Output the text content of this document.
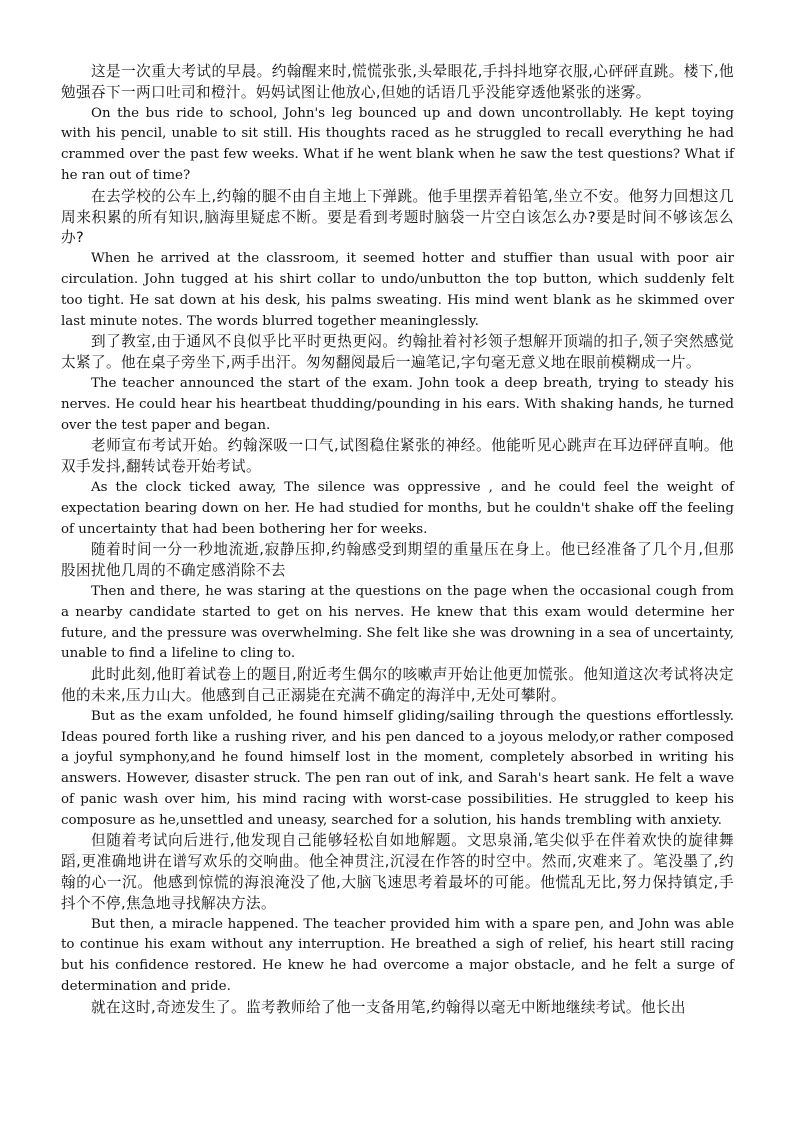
这是一次重大考试的早晨。约翰醒来时,慌慌张张,头晕眼花,手抖抖地穿衣服,心砰砰直跳。楼下,他勉强吞下一两口吐司和橙汁。妈妈试图让他放心,但她的话语几乎没能穿透他紧张的迷雾。

On the bus ride to school, John's leg bounced up and down uncontrollably. He kept toying with his pencil, unable to sit still. His thoughts raced as he struggled to recall everything he had crammed over the past few weeks. What if he went blank when he saw the test questions? What if he ran out of time?

在去学校的公车上,约翰的腿不由自主地上下弹跳。他手里摆弄着铅笔,坐立不安。他努力回想这几周来积累的所有知识,脑海里疑虑不断。要是看到考题时脑袋一片空白该怎么办?要是时间不够该怎么办?

When he arrived at the classroom, it seemed hotter and stuffier than usual with poor air circulation. John tugged at his shirt collar to undo/unbutton the top button, which suddenly felt too tight. He sat down at his desk, his palms sweating. His mind went blank as he skimmed over last minute notes. The words blurred together meaninglessly.

到了教室,由于通风不良似乎比平时更热更闷。约翰扯着衬衫领子想解开顶端的扣子,领子突然感觉太紧了。他在桌子旁坐下,两手出汗。匆匆翻阅最后一遍笔记,字句毫无意义地在眼前模糊成一片。

The teacher announced the start of the exam. John took a deep breath, trying to steady his nerves. He could hear his heartbeat thudding/pounding in his ears. With shaking hands, he turned over the test paper and began.

老师宣布考试开始。约翰深吸一口气,试图稳住紧张的神经。他能听见心跳声在耳边砰砰直响。他双手发抖,翻转试卷开始考试。

As the clock ticked away, The silence was oppressive , and he could feel the weight of expectation bearing down on her. He had studied for months, but he couldn't shake off the feeling of uncertainty that had been bothering her for weeks.

随着时间一分一秒地流逝,寂静压抑,约翰感受到期望的重量压在身上。他已经准备了几个月,但那股困扰他几周的不确定感消除不去

Then and there, he was staring at the questions on the page when the occasional cough from a nearby candidate started to get on his nerves. He knew that this exam would determine her future, and the pressure was overwhelming. She felt like she was drowning in a sea of uncertainty, unable to find a lifeline to cling to.

此时此刻,他盯着试卷上的题目,附近考生偶尔的咳嗽声开始让他更加慌张。他知道这次考试将决定他的未来,压力山大。他感到自己正溺毙在充满不确定的海洋中,无处可攀附。

But as the exam unfolded, he found himself gliding/sailing through the questions effortlessly. Ideas poured forth like a rushing river, and his pen danced to a joyous melody,or rather composed a joyful symphony,and he found himself lost in the moment, completely absorbed in writing his answers. However, disaster struck. The pen ran out of ink, and Sarah's heart sank. He felt a wave of panic wash over him, his mind racing with worst-case possibilities. He struggled to keep his composure as he,unsettled and uneasy, searched for a solution, his hands trembling with anxiety.

但随着考试向后进行,他发现自己能够轻松自如地解题。文思泉涌,笔尖似乎在伴着欢快的旋律舞蹈,更准确地讲在谱写欢乐的交响曲。他全神贯注,沉浸在作答的时空中。然而,灾难来了。笔没墨了,约翰的心一沉。他感到惊慌的海浪淹没了他,大脑飞速思考着最坏的可能。他慌乱无比,努力保持镇定,手抖个不停,焦急地寻找解决方法。

But then, a miracle happened. The teacher provided him with a spare pen, and John was able to continue his exam without any interruption. He breathed a sigh of relief, his heart still racing but his confidence restored. He knew he had overcome a major obstacle, and he felt a surge of determination and pride.

就在这时,奇迹发生了。监考教师给了他一支备用笔,约翰得以毫无中断地继续考试。他长出
